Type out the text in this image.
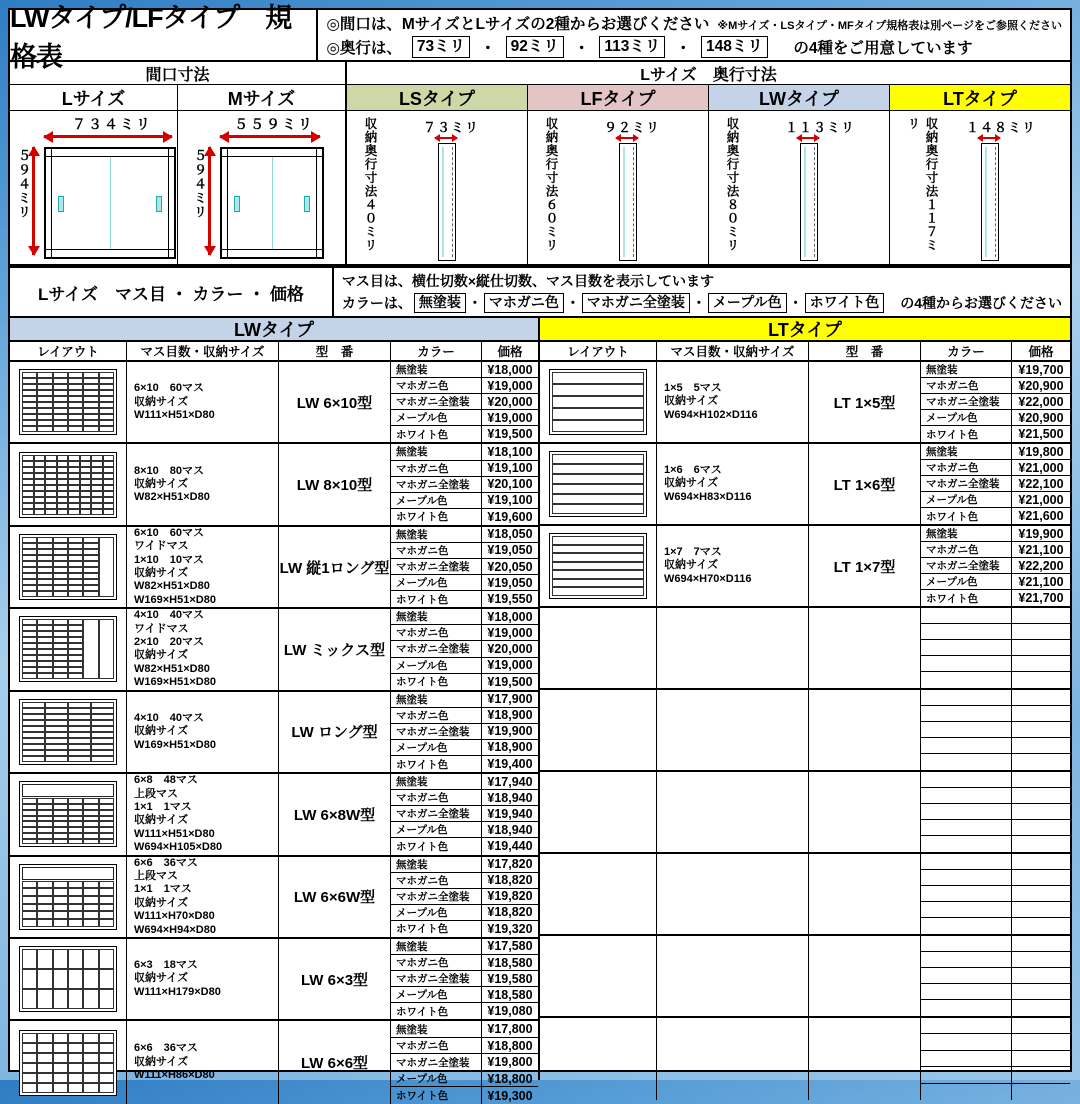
LWタイプ/LFタイプ　規格表
◎間口は、MサイズとLサイズの2種からお選びください ※Mサイズ・LSタイプ・MFタイプ規格表は別ページをご参照ください
◎奥行は、 73ミリ ・ 92ミリ ・ 113ミリ ・ 148ミリ 　の4種をご用意しています
間口寸法
Lサイズ
７３４ミリ
５９４ミリ
Mサイズ
５５９ミリ
５９４ミリ
Lサイズ　奥行寸法
LSタイプ
７３ミリ
収納奥行寸法４０ミリ
LFタイプ
９２ミリ
収納奥行寸法６０ミリ
LWタイプ
１１３ミリ
収納奥行寸法８０ミリ
LTタイプ
１４８ミリ
収納奥行寸法１１７ミリ
Lサイズ　マス目 ・ カラー ・ 価格
マス目は、横仕切数×縦仕切数、マス目数を表示しています
カラーは、 無塗装 ・ マホガニ色 ・ マホガニ全塗装 ・ メープル色 ・ ホワイト色 　の4種からお選びください
LWタイプ
レイアウト	マス目数・収納サイズ	型　番	カラー	価格
6×10　60マス
収納サイズ
W111×H51×D80
LW 6×10型
無塗装	¥18,000
マホガニ色	¥19,000
マホガニ全塗装	¥20,000
メープル色	¥19,000
ホワイト色	¥19,500
8×10　80マス
収納サイズ
W82×H51×D80
LW 8×10型
無塗装	¥18,100
マホガニ色	¥19,100
マホガニ全塗装	¥20,100
メープル色	¥19,100
ホワイト色	¥19,600
6×10　60マス
ワイドマス
1×10　10マス
収納サイズ
W82×H51×D80
W169×H51×D80
LW 縦1ロング型
無塗装	¥18,050
マホガニ色	¥19,050
マホガニ全塗装	¥20,050
メープル色	¥19,050
ホワイト色	¥19,550
4×10　40マス
ワイドマス
2×10　20マス
収納サイズ
W82×H51×D80
W169×H51×D80
LW ミックス型
無塗装	¥18,000
マホガニ色	¥19,000
マホガニ全塗装	¥20,000
メープル色	¥19,000
ホワイト色	¥19,500
4×10　40マス
収納サイズ
W169×H51×D80
LW ロング型
無塗装	¥17,900
マホガニ色	¥18,900
マホガニ全塗装	¥19,900
メープル色	¥18,900
ホワイト色	¥19,400
6×8　48マス
上段マス
1×1　1マス
収納サイズ
W111×H51×D80
W694×H105×D80
LW 6×8W型
無塗装	¥17,940
マホガニ色	¥18,940
マホガニ全塗装	¥19,940
メープル色	¥18,940
ホワイト色	¥19,440
6×6　36マス
上段マス
1×1　1マス
収納サイズ
W111×H70×D80
W694×H94×D80
LW 6×6W型
無塗装	¥17,820
マホガニ色	¥18,820
マホガニ全塗装	¥19,820
メープル色	¥18,820
ホワイト色	¥19,320
6×3　18マス
収納サイズ
W111×H179×D80
LW 6×3型
無塗装	¥17,580
マホガニ色	¥18,580
マホガニ全塗装	¥19,580
メープル色	¥18,580
ホワイト色	¥19,080
6×6　36マス
収納サイズ
W111×H86×D80
LW 6×6型
無塗装	¥17,800
マホガニ色	¥18,800
マホガニ全塗装	¥19,800
メープル色	¥18,800
ホワイト色	¥19,300
LTタイプ
レイアウト	マス目数・収納サイズ	型　番	カラー	価格
1×5　5マス
収納サイズ
W694×H102×D116
LT 1×5型
無塗装	¥19,700
マホガニ色	¥20,900
マホガニ全塗装	¥22,000
メープル色	¥20,900
ホワイト色	¥21,500
1×6　6マス
収納サイズ
W694×H83×D116
LT 1×6型
無塗装	¥19,800
マホガニ色	¥21,000
マホガニ全塗装	¥22,100
メープル色	¥21,000
ホワイト色	¥21,600
1×7　7マス
収納サイズ
W694×H70×D116
LT 1×7型
無塗装	¥19,900
マホガニ色	¥21,100
マホガニ全塗装	¥22,200
メープル色	¥21,100
ホワイト色	¥21,700
